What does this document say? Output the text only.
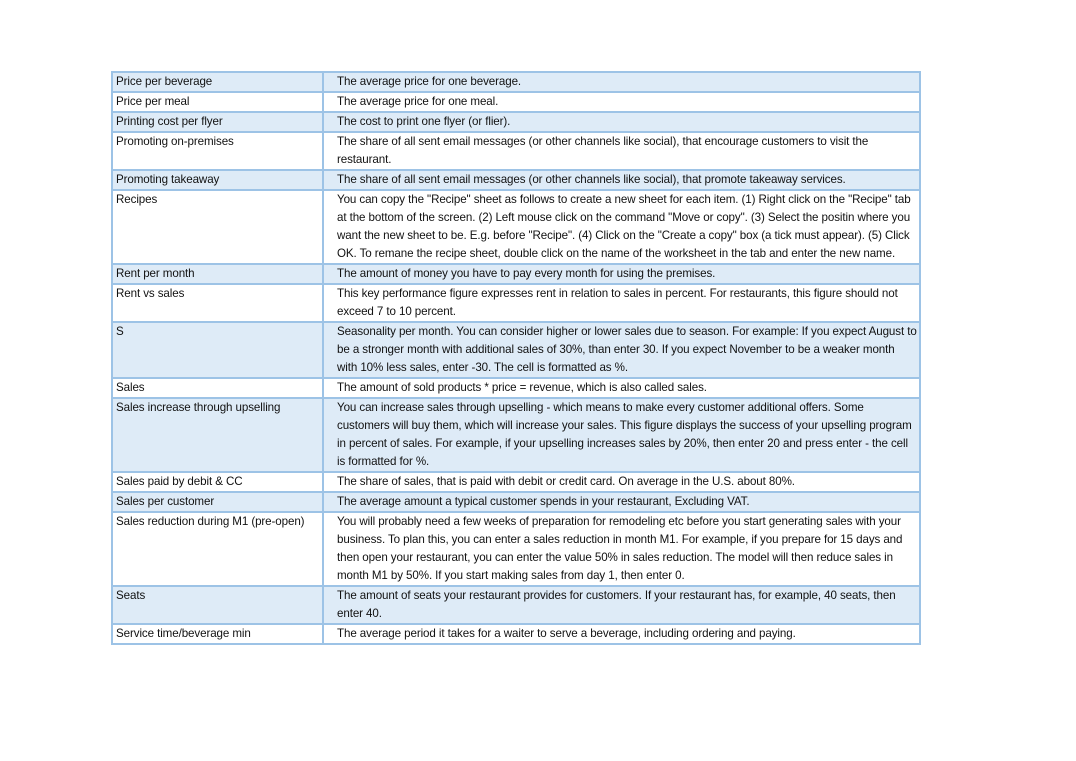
Price per beverage	The average price for one beverage.
Price per meal	The average price for one meal.
Printing cost per flyer	The cost to print one flyer (or flier).
Promoting on-premises	The share of all sent email messages (or other channels like social), that encourage customers to visit the restaurant.
Promoting takeaway	The share of all sent email messages (or other channels like social), that promote takeaway services.
Recipes	You can copy the "Recipe" sheet as follows to create a new sheet for each item. (1) Right click on the "Recipe" tab at the bottom of the screen. (2) Left mouse click on the command "Move or copy". (3) Select the positin where you want the new sheet to be. E.g. before "Recipe". (4) Click on the "Create a copy" box (a tick must appear). (5) Click OK. To remane the recipe sheet, double click on the name of the worksheet in the tab and enter the new name.
Rent per month	The amount of money you have to pay every month for using the premises.
Rent vs sales	This key performance figure expresses rent in relation to sales in percent. For restaurants, this figure should not exceed 7 to 10 percent.
S	Seasonality per month. You can consider higher or lower sales due to season. For example: If you expect August to be a stronger month with additional sales of 30%, than enter 30. If you expect November to be a weaker month with 10% less sales, enter -30. The cell is formatted as %.
Sales	The amount of sold products * price = revenue, which is also called sales.
Sales increase through upselling	You can increase sales through upselling - which means to make every customer additional offers. Some customers will buy them, which will increase your sales. This figure displays the success of your upselling program in percent of sales. For example, if your upselling increases sales by 20%, then enter 20 and press enter - the cell is formatted for %.
Sales paid by debit & CC	The share of sales, that is paid with debit or credit card. On average in the U.S. about 80%.
Sales per customer	The average amount a typical customer spends in your restaurant, Excluding VAT.
Sales reduction during M1 (pre-open)	You will probably need a few weeks of preparation for remodeling etc before you start generating sales with your business. To plan this, you can enter a sales reduction in month M1. For example, if you prepare for 15 days and then open your restaurant, you can enter the value 50% in sales reduction. The model will then reduce sales in month M1 by 50%. If you start making sales from day 1, then enter 0.
Seats	The amount of seats your restaurant provides for customers. If your restaurant has, for example, 40 seats, then enter 40.
Service time/beverage min	The average period it takes for a waiter to serve a beverage, including ordering and paying.
